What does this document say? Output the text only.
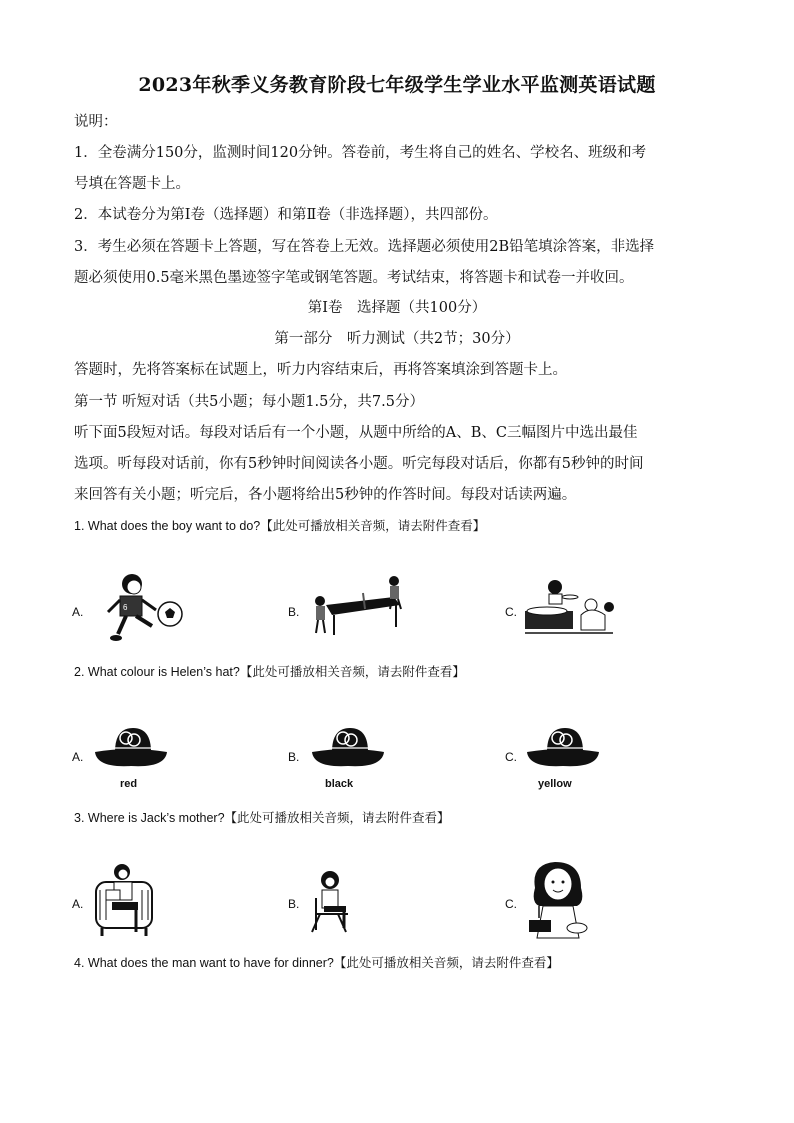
2023年秋季义务教育阶段七年级学生学业水平监测英语试题
说明：
1．全卷满分150分，监测时间120分钟。答卷前，考生将自己的姓名、学校名、班级和考
号填在答题卡上。
2．本试卷分为第Ⅰ卷（选择题）和第Ⅱ卷（非选择题），共四部份。
3．考生必须在答题卡上答题，写在答卷上无效。选择题必须使用2B铅笔填涂答案，非选择
题必须使用0.5毫米黑色墨迹签字笔或钢笔答题。考试结束，将答题卡和试卷一并收回。
第Ⅰ卷　选择题（共100分）
第一部分　听力测试（共2节；30分）
答题时，先将答案标在试题上，听力内容结束后，再将答案填涂到答题卡上。
第一节 听短对话（共5小题；每小题1.5分，共7.5分）
听下面5段短对话。每段对话后有一个小题，从题中所给的A、B、C三幅图片中选出最佳
选项。听每段对话前，你有5秒钟时间阅读各小题。听完每段对话后，你都有5秒钟的时间
来回答有关小题；听完后，各小题将给出5秒钟的作答时间。每段对话读两遍。
1. What does the boy want to do?【此处可播放相关音频，请去附件查看】
A.	B.	C.
6
2. What colour is Helen’s hat?【此处可播放相关音频，请去附件查看】
A.	B.	C.
red	black	yellow
3. Where is Jack’s mother?【此处可播放相关音频，请去附件查看】
A.	B.	C.
4. What does the man want to have for dinner?【此处可播放相关音频，请去附件查看】
